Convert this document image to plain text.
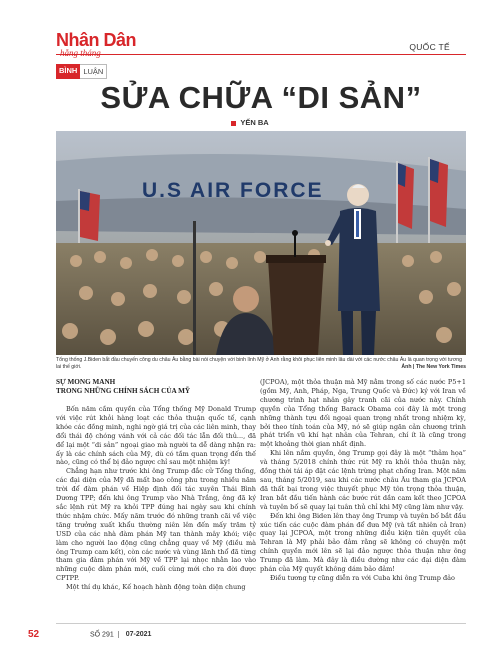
Nhân Dân
hằng tháng
QUỐC TẾ
BÌNH LUẬN
SỬA CHỮA “DI SẢN”
YẾN BA
U.S AIR FORCE
Tổng thống J.Biden bắt đầu chuyến công du châu Âu bằng bài nói chuyện với binh lính Mỹ ở Anh rằng khôi phục liên minh lâu dài với các nước châu Âu là quan trọng với tương lai thế giới.	Ảnh | The New York Times
SỰ MONG MANH
TRONG NHỮNG CHÍNH SÁCH CỦA MỸ

Bốn năm cầm quyền của Tổng thống Mỹ Donald Trump với việc rút khỏi hàng loạt các thỏa thuận quốc tế, cạnh khóe các đồng minh, nghi ngờ giá trị của các liên minh, thay đổi thái độ chóng vánh với cả các đối tác lẫn đối thủ..., đã để lại một “di sản” ngoại giao mà người ta dễ dàng nhận ra: ấy là các chính sách của Mỹ, dù có tầm quan trọng đến thế nào, cũng có thể bị đảo ngược chỉ sau một nhiệm kỳ!

Chẳng hạn như trước khi ông Trump đắc cử Tổng thống, các đại diện của Mỹ đã mất bao công phu trong nhiều năm trời để đàm phán về Hiệp định đối tác xuyên Thái Bình Dương TPP; đến khi ông Trump vào Nhà Trắng, ông đã ký sắc lệnh rút Mỹ ra khỏi TPP đúng hai ngày sau khi chính thức nhậm chức. Mấy năm trước đó những tranh cãi về việc tăng trưởng xuất khẩu thường niên lên đến mấy trăm tỷ USD của các nhà đàm phán Mỹ tan thành mây khói; việc làm cho người lao động cũng chẳng quay về Mỹ (điều mà ông Trump cam kết), còn các nước và vùng lãnh thổ đã từng tham gia đàm phán với Mỹ về TPP lại nhọc nhằn lao vào những cuộc đàm phán mới, cuối cùng mới cho ra đời được CPTPP.

Một thí dụ khác, Kế hoạch hành động toàn diện chung

(JCPOA), một thỏa thuận mà Mỹ nằm trong số các nước P5+1 (gồm Mỹ, Anh, Pháp, Nga, Trung Quốc và Đức) ký với Iran về chương trình hạt nhân gây tranh cãi của nước này. Chính quyền của Tổng thống Barack Obama coi đây là một trong những thành tựu đối ngoại quan trọng nhất trong nhiệm kỳ, bởi theo tính toán của Mỹ, nó sẽ giúp ngăn cản chương trình phát triển vũ khí hạt nhân của Tehran, chí ít là cũng trong một khoảng thời gian nhất định.

Khi lên nắm quyền, ông Trump gọi đây là một “thảm họa” và tháng 5/2018 chính thức rút Mỹ ra khỏi thỏa thuận này, đồng thời tái áp đặt các lệnh trừng phạt chống Iran. Một năm sau, tháng 5/2019, sau khi các nước châu Âu tham gia JCPOA đã thất bại trong việc thuyết phục Mỹ tôn trọng thỏa thuận, Iran bắt đầu tiến hành các bước rút dần cam kết theo JCPOA và tuyên bố sẽ quay lại tuân thủ chỉ khi Mỹ cũng làm như vậy.

Đến khi ông Biden lên thay ông Trump và tuyên bố bắt đầu xúc tiến các cuộc đàm phán để đưa Mỹ (và tất nhiên cả Iran) quay lại JCPOA, một trong những điều kiện tiên quyết của Tehran là Mỹ phải bảo đảm rằng sẽ không có chuyện một chính quyền mới lên sẽ lại đảo ngược thỏa thuận như ông Trump đã làm. Mà đây là điều dường như các đại diện đàm phán của Mỹ quyết không dám bảo đảm!

Điều tương tự cũng diễn ra với Cuba khi ông Trump đảo

52	SỐ 291 07-2021
